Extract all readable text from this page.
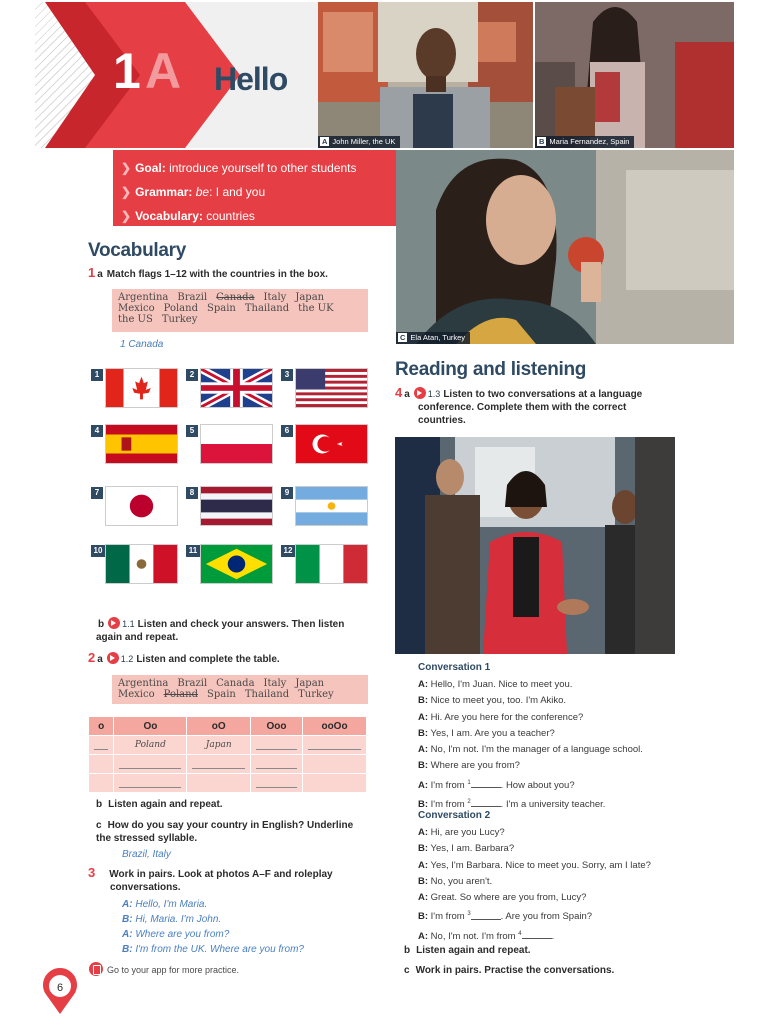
1 A Hello
A John Miller, the UK	B Maria Fernandez, Spain
C Ela Atan, Turkey
❯ Goal: introduce yourself to other students
❯ Grammar: be: I and you
❯ Vocabulary: countries
Vocabulary
1 a Match flags 1–12 with the countries in the box.
Argentina Brazil Canada Italy Japan
Mexico Poland Spain Thailand the UK
the US Turkey
1 Canada
1	2	3
4	5	6
7	8	9
10	11	12
b 1.1 Listen and check your answers. Then listen again and repeat.
2 a 1.2 Listen and complete the table.
Argentina Brazil Canada Italy Japan
Mexico Poland Spain Thailand Turkey
o	Oo	oO	Ooo	ooOo

	Poland	Japan	

b Listen again and repeat.
c How do you say your country in English? Underline the stressed syllable.
Brazil, Italy
3 Work in pairs. Look at photos A–F and roleplay conversations.
A: Hello, I'm Maria.
B: Hi, Maria. I'm John.
A: Where are you from?
B: I'm from the UK. Where are you from?
Go to your app for more practice.
6
Reading and listening
4 a 1.3 Listen to two conversations at a language conference. Complete them with the correct countries.
Conversation 1
A: Hello, I'm Juan. Nice to meet you.
B: Nice to meet you, too. I'm Akiko.
A: Hi. Are you here for the conference?
B: Yes, I am. Are you a teacher?
A: No, I'm not. I'm the manager of a language school.
B: Where are you from?
A: I'm from $^1$	. How about you?
B: I'm from $^2$	. I'm a university teacher.
Conversation 2
A: Hi, are you Lucy?
B: Yes, I am. Barbara?
A: Yes, I'm Barbara. Nice to meet you. Sorry, am I late?
B: No, you aren't.
A: Great. So where are you from, Lucy?
B: I'm from $^3$	. Are you from Spain?
A: No, I'm not. I'm from $^4$	.
b Listen again and repeat.
c Work in pairs. Practise the conversations.
